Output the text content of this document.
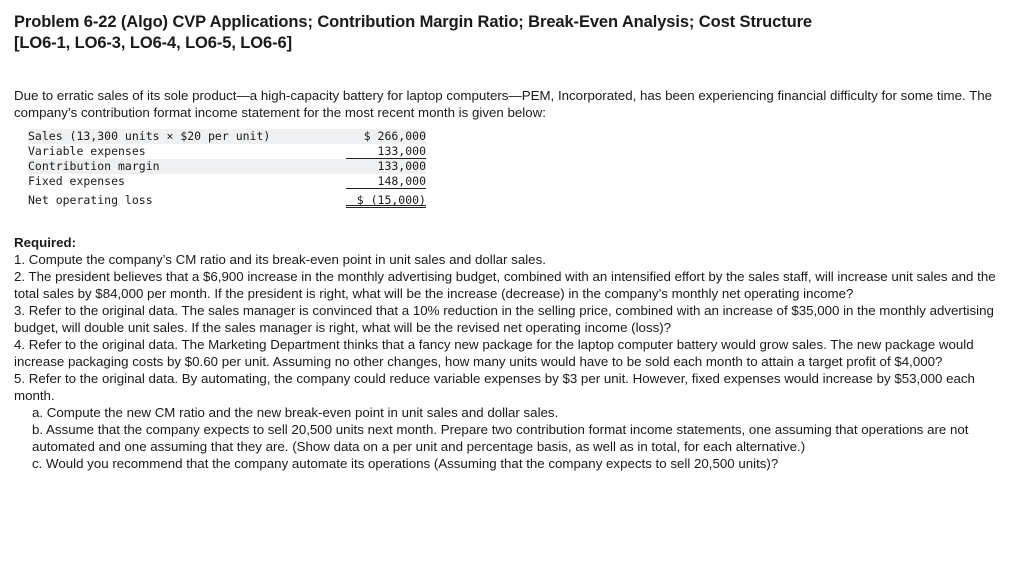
Problem 6-22 (Algo) CVP Applications; Contribution Margin Ratio; Break-Even Analysis; Cost Structure
[LO6-1, LO6-3, LO6-4, LO6-5, LO6-6]

Due to erratic sales of its sole product—a high-capacity battery for laptop computers—PEM, Incorporated, has been experiencing financial difficulty for some time. The company’s contribution format income statement for the most recent month is given below:

Sales (13,300 units × $20 per unit)	$ 266,000
Variable expenses	133,000
Contribution margin	133,000
Fixed expenses	148,000
Net operating loss	$ (15,000)
Required:
1. Compute the company’s CM ratio and its break-even point in unit sales and dollar sales.
2. The president believes that a $6,900 increase in the monthly advertising budget, combined with an intensified effort by the sales staff, will increase unit sales and the total sales by $84,000 per month. If the president is right, what will be the increase (decrease) in the company’s monthly net operating income?
3. Refer to the original data. The sales manager is convinced that a 10% reduction in the selling price, combined with an increase of $35,000 in the monthly advertising budget, will double unit sales. If the sales manager is right, what will be the revised net operating income (loss)?
4. Refer to the original data. The Marketing Department thinks that a fancy new package for the laptop computer battery would grow sales. The new package would increase packaging costs by $0.60 per unit. Assuming no other changes, how many units would have to be sold each month to attain a target profit of $4,000?
5. Refer to the original data. By automating, the company could reduce variable expenses by $3 per unit. However, fixed expenses would increase by $53,000 each month.
a. Compute the new CM ratio and the new break-even point in unit sales and dollar sales.
b. Assume that the company expects to sell 20,500 units next month. Prepare two contribution format income statements, one assuming that operations are not automated and one assuming that they are. (Show data on a per unit and percentage basis, as well as in total, for each alternative.)
c. Would you recommend that the company automate its operations (Assuming that the company expects to sell 20,500 units)?
